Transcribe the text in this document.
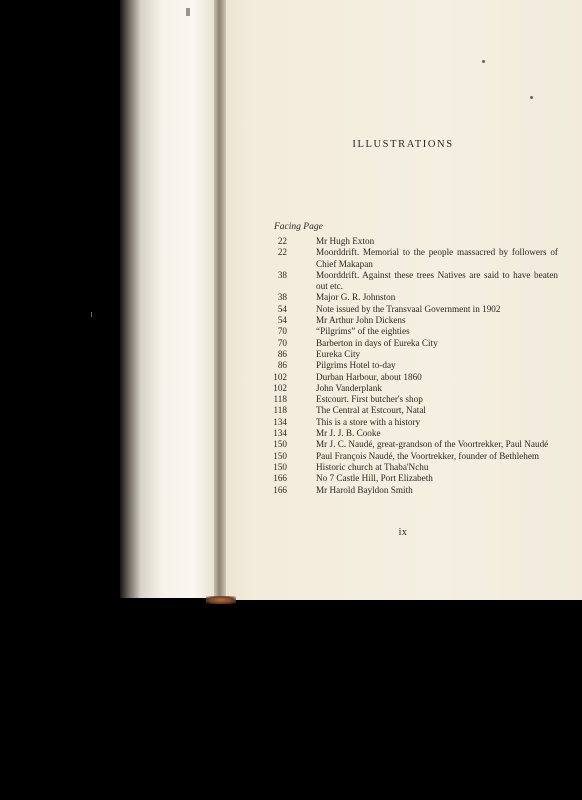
ILLUSTRATIONS
Facing Page
22	Mr Hugh Exton
22	Moorddrift. Memorial to the people massacred by followers of Chief Makapan
38	Moorddrift. Against these trees Natives are said to have beaten out etc.
38	Major G. R. Johnston
54	Note issued by the Transvaal Government in 1902
54	Mr Arthur John Dickens
70	“Pilgrims” of the eighties
70	Barberton in days of Eureka City
86	Eureka City
86	Pilgrims Hotel to-day
102	Durban Harbour, about 1860
102	John Vanderplank
118	Estcourt. First butcher's shop
118	The Central at Estcourt, Natal
134	This is a store with a history
134	Mr J. J. B. Cooke
150	Mr J. C. Naudé, great-grandson of the Voortrekker, Paul Naudé
150	Paul François Naudé, the Voortrekker, founder of Bethlehem
150	Historic church at Thaba'Nchu
166	No 7 Castle Hill, Port Elizabeth
166	Mr Harold Bayldon Smith
ix
